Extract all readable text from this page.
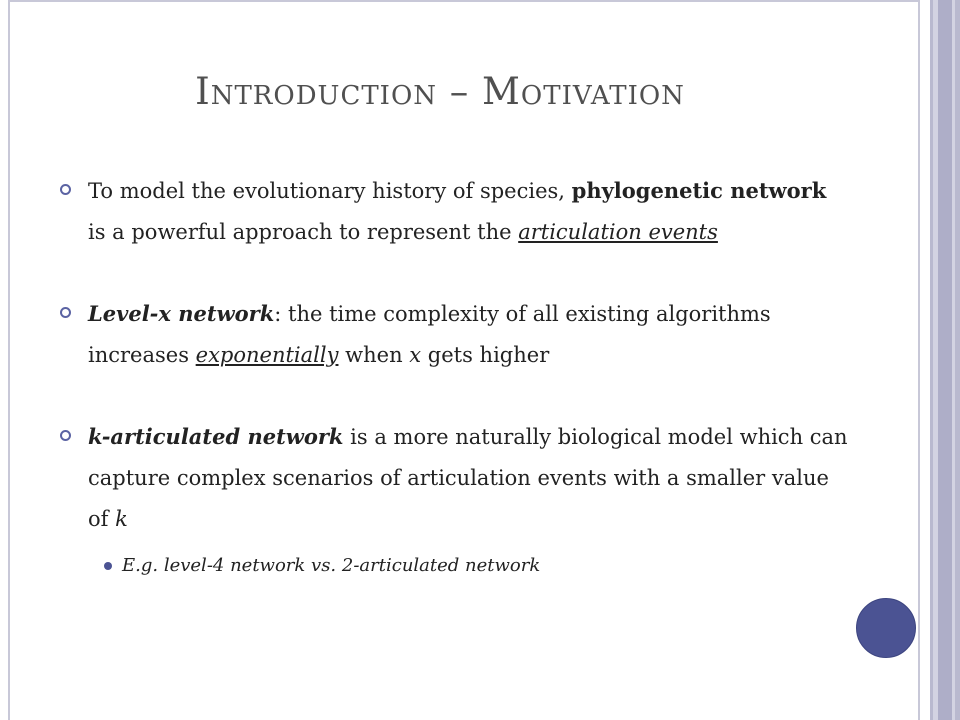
Introduction – Motivation
To model the evolutionary history of species, phylogenetic network is a powerful approach to represent the articulation events
Level-x network: the time complexity of all existing algorithms increases exponentially when x gets higher
k-articulated network is a more naturally biological model which can capture complex scenarios of articulation events with a smaller value of k
E.g. level-4 network vs. 2-articulated network
